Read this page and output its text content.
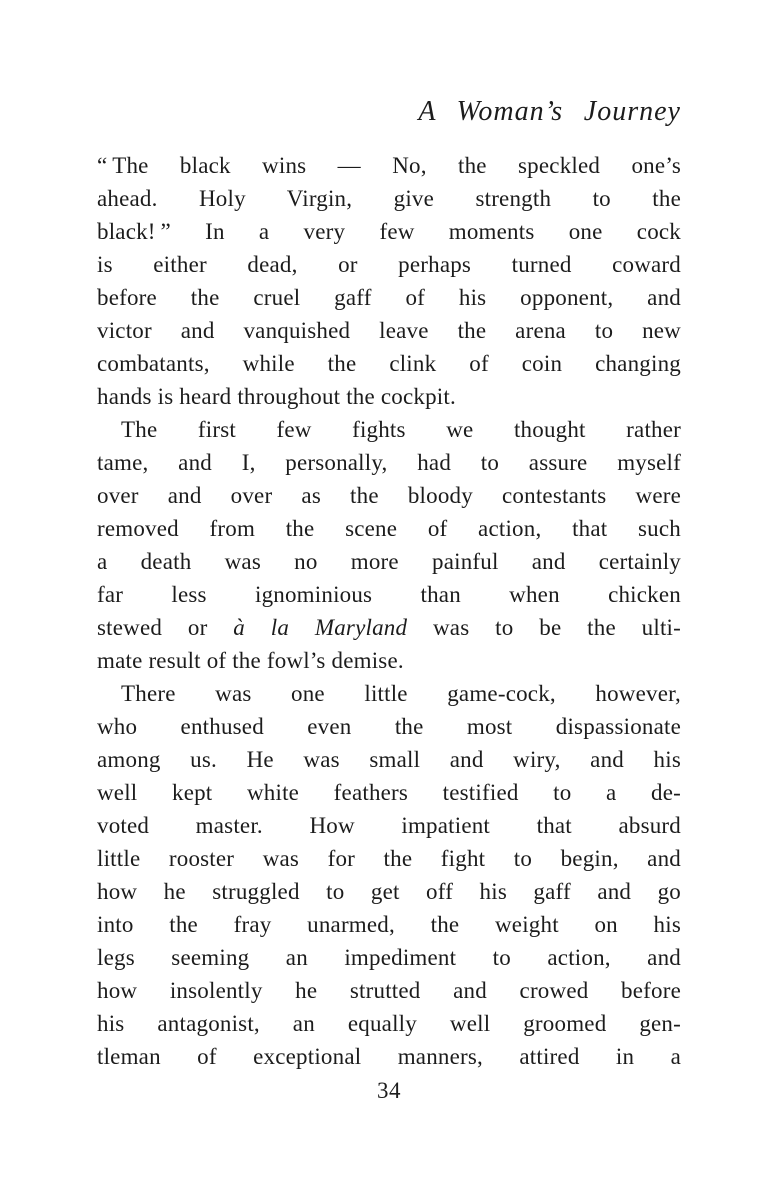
A Woman’s Journey
“ The black wins — No, the speckled one’s
ahead. Holy Virgin, give strength to the
black! ” In a very few moments one cock
is either dead, or perhaps turned coward
before the cruel gaff of his opponent, and
victor and vanquished leave the arena to new
combatants, while the clink of coin changing
hands is heard throughout the cockpit.
The first few fights we thought rather
tame, and I, personally, had to assure myself
over and over as the bloody contestants were
removed from the scene of action, that such
a death was no more painful and certainly
far less ignominious than when chicken
stewed or à la Maryland was to be the ulti-
mate result of the fowl’s demise.
There was one little game-cock, however,
who enthused even the most dispassionate
among us. He was small and wiry, and his
well kept white feathers testified to a de-
voted master. How impatient that absurd
little rooster was for the fight to begin, and
how he struggled to get off his gaff and go
into the fray unarmed, the weight on his
legs seeming an impediment to action, and
how insolently he strutted and crowed before
his antagonist, an equally well groomed gen-
tleman of exceptional manners, attired in a
34
